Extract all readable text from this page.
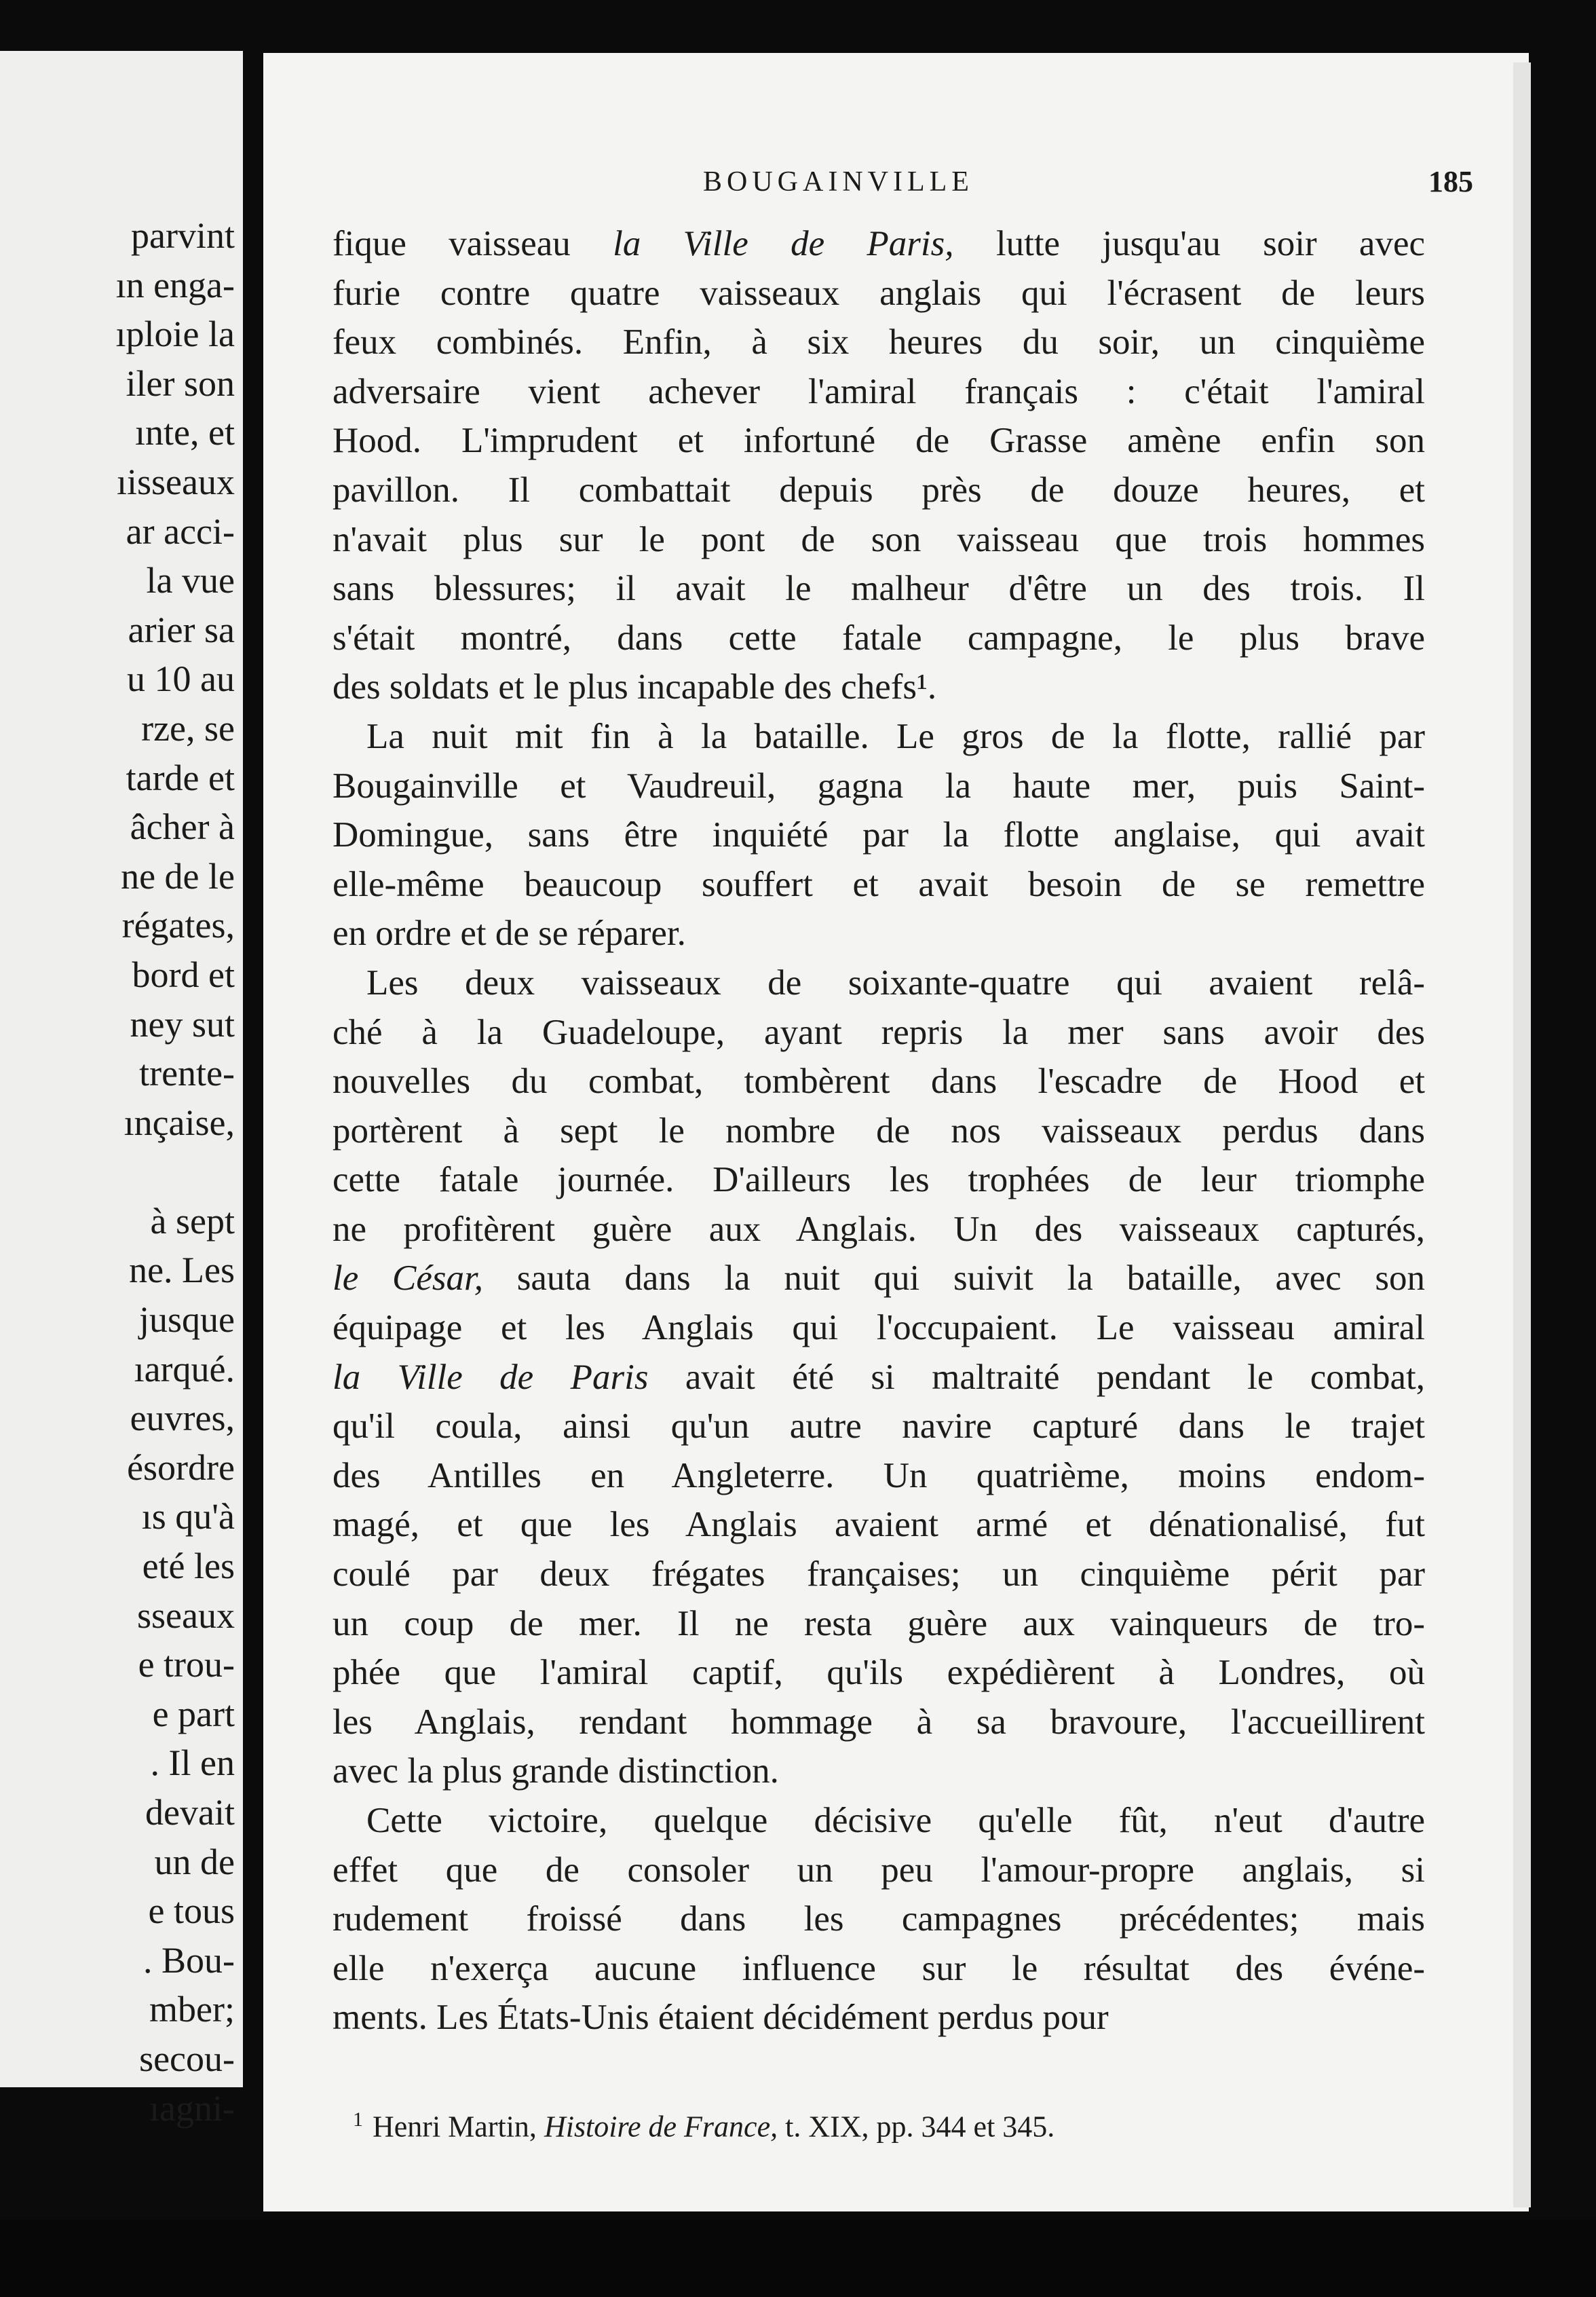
parvint
ın enga-
ıploie la
iler son
ınte, et
ıisseaux
ar acci-
la vue
arier sa
u 10 au
rze, se
tarde et
âcher à
ne de le
régates,
bord et
ney sut
trente-
ınçaise,
à sept
ne. Les
jusque
ıarqué.
euvres,
ésordre
ıs qu'à
eté les
sseaux
e trou-
e part
. Il en
devait
un de
e tous
. Bou-
mber;
secou-
ıagni-
BOUGAINVILLE	185
fique vaisseau la Ville de Paris, lutte jusqu'au soir avec
furie contre quatre vaisseaux anglais qui l'écrasent de leurs
feux combinés. Enfin, à six heures du soir, un cinquième
adversaire vient achever l'amiral français : c'était l'amiral
Hood. L'imprudent et infortuné de Grasse amène enfin son
pavillon. Il combattait depuis près de douze heures, et
n'avait plus sur le pont de son vaisseau que trois hommes
sans blessures; il avait le malheur d'être un des trois. Il
s'était montré, dans cette fatale campagne, le plus brave
des soldats et le plus incapable des chefs¹.
La nuit mit fin à la bataille. Le gros de la flotte, rallié par
Bougainville et Vaudreuil, gagna la haute mer, puis Saint-
Domingue, sans être inquiété par la flotte anglaise, qui avait
elle-même beaucoup souffert et avait besoin de se remettre
en ordre et de se réparer.
Les deux vaisseaux de soixante-quatre qui avaient relâ-
ché à la Guadeloupe, ayant repris la mer sans avoir des
nouvelles du combat, tombèrent dans l'escadre de Hood et
portèrent à sept le nombre de nos vaisseaux perdus dans
cette fatale journée. D'ailleurs les trophées de leur triomphe
ne profitèrent guère aux Anglais. Un des vaisseaux capturés,
le César, sauta dans la nuit qui suivit la bataille, avec son
équipage et les Anglais qui l'occupaient. Le vaisseau amiral
la Ville de Paris avait été si maltraité pendant le combat,
qu'il coula, ainsi qu'un autre navire capturé dans le trajet
des Antilles en Angleterre. Un quatrième, moins endom-
magé, et que les Anglais avaient armé et dénationalisé, fut
coulé par deux frégates françaises; un cinquième périt par
un coup de mer. Il ne resta guère aux vainqueurs de tro-
phée que l'amiral captif, qu'ils expédièrent à Londres, où
les Anglais, rendant hommage à sa bravoure, l'accueillirent
avec la plus grande distinction.
Cette victoire, quelque décisive qu'elle fût, n'eut d'autre
effet que de consoler un peu l'amour-propre anglais, si
rudement froissé dans les campagnes précédentes; mais
elle n'exerça aucune influence sur le résultat des événe-
ments. Les États-Unis étaient décidément perdus pour
$^1$ Henri Martin, Histoire de France, t. XIX, pp. 344 et 345.
